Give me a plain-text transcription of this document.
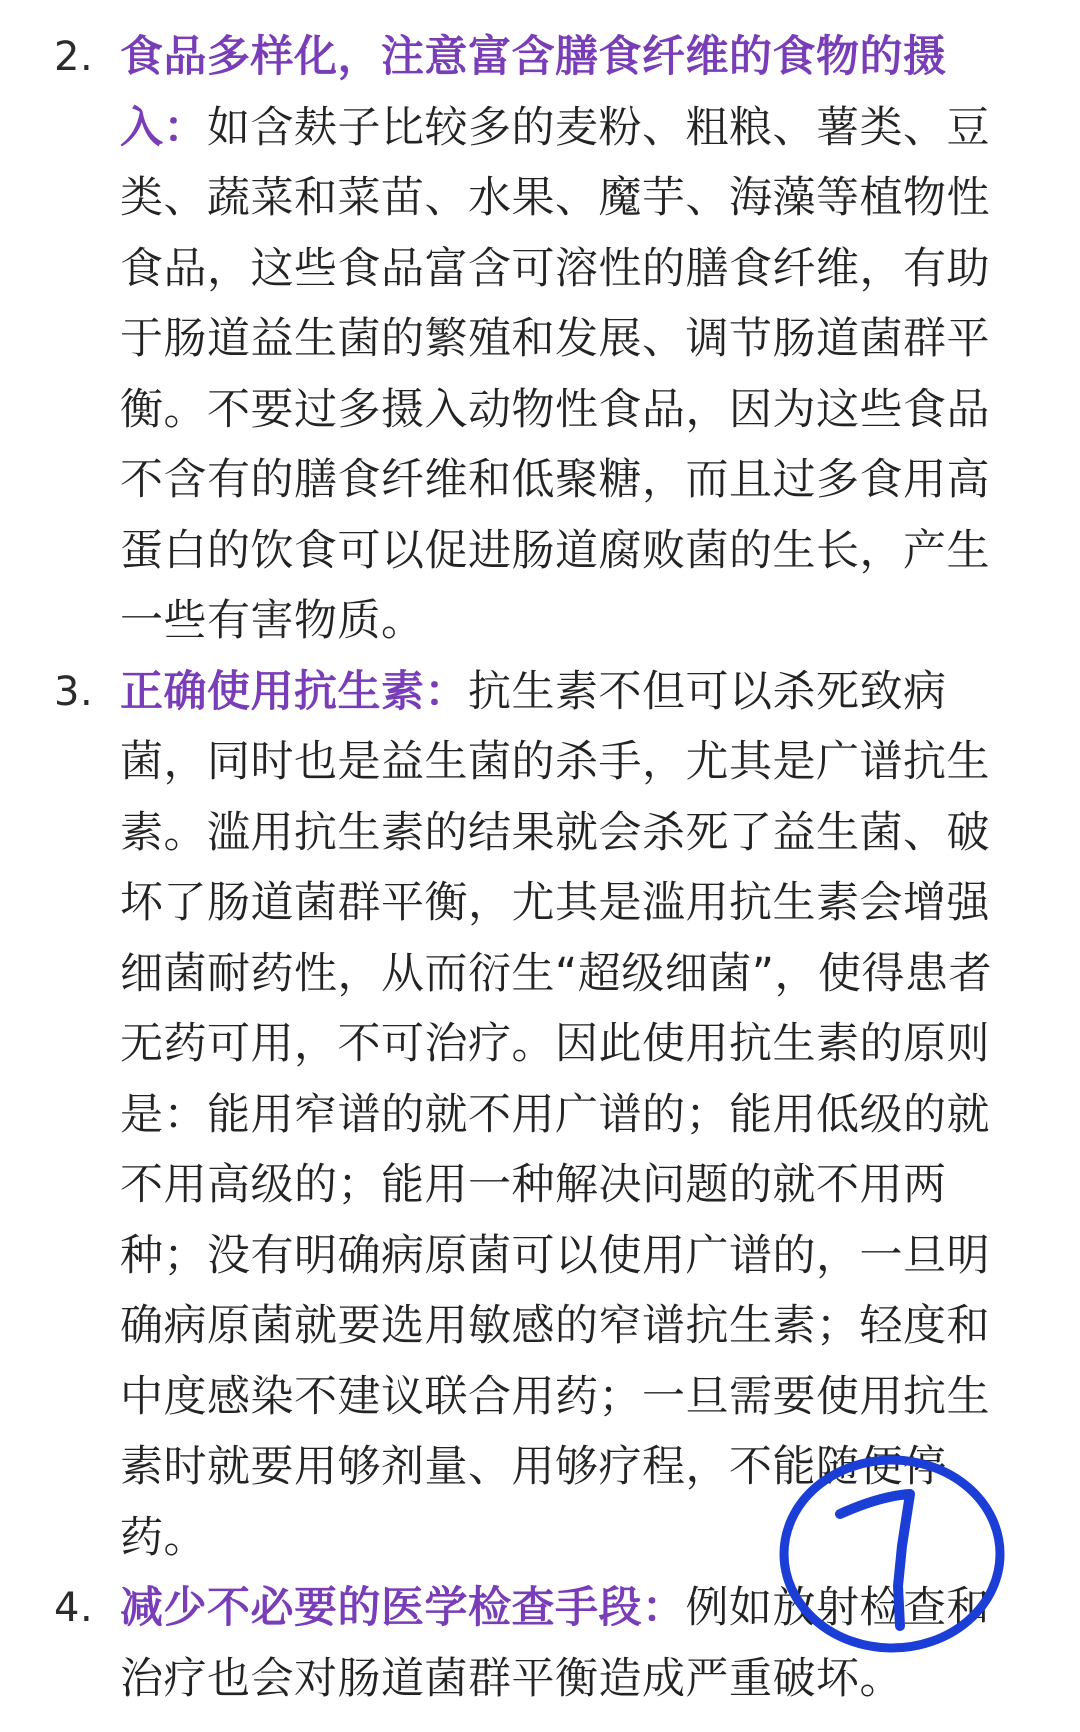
2. 食品多样化，注意富含膳食纤维的食物的摄入：如含麸子比较多的麦粉、粗粮、薯类、豆类、蔬菜和菜苗、水果、魔芋、海藻等植物性食品，这些食品富含可溶性的膳食纤维，有助于肠道益生菌的繁殖和发展、调节肠道菌群平衡。不要过多摄入动物性食品，因为这些食品不含有的膳食纤维和低聚糖，而且过多食用高蛋白的饮食可以促进肠道腐败菌的生长，产生一些有害物质。
3. 正确使用抗生素：抗生素不但可以杀死致病菌，同时也是益生菌的杀手，尤其是广谱抗生素。滥用抗生素的结果就会杀死了益生菌、破坏了肠道菌群平衡，尤其是滥用抗生素会增强细菌耐药性，从而衍生“超级细菌”，使得患者无药可用，不可治疗。因此使用抗生素的原则是：能用窄谱的就不用广谱的；能用低级的就不用高级的；能用一种解决问题的就不用两种；没有明确病原菌可以使用广谱的，一旦明确病原菌就要选用敏感的窄谱抗生素；轻度和中度感染不建议联合用药；一旦需要使用抗生素时就要用够剂量、用够疗程，不能随便停药。
4. 减少不必要的医学检查手段：例如放射检查和治疗也会对肠道菌群平衡造成严重破坏。
